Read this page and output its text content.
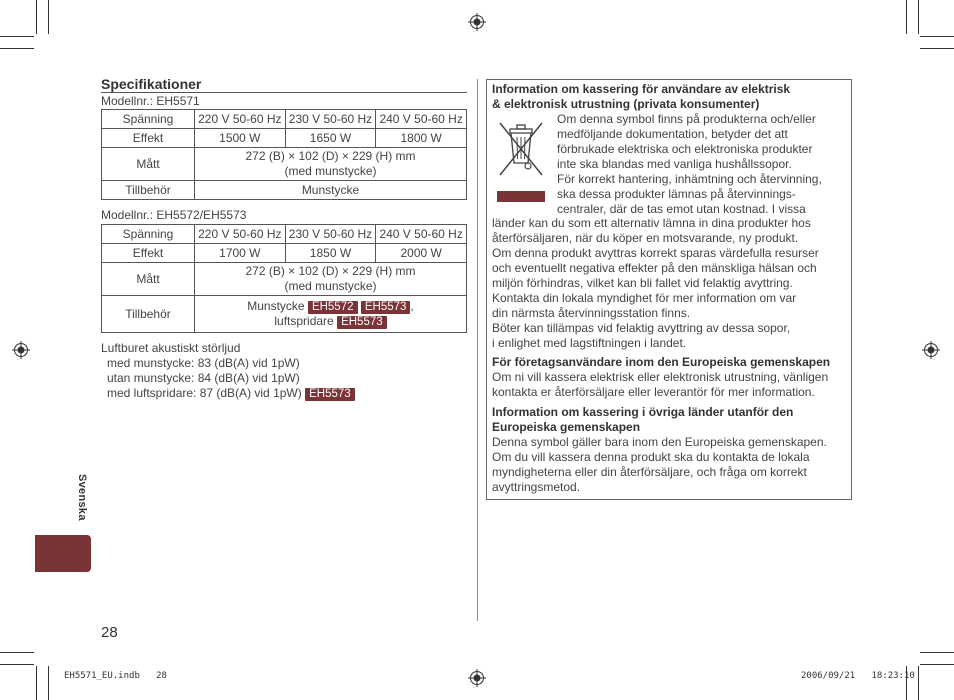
Specifikationer
Modellnr.: EH5571
Spänning	220 V 50-60 Hz	230 V 50-60 Hz	240 V 50-60 Hz
Effekt	1500 W	1650 W	1800 W
Mått	272 (B) × 102 (D) × 229 (H) mm
(med munstycke)		

Tillbehör	Munstycke		
Modellnr.: EH5572/EH5573
Spänning	220 V 50-60 Hz	230 V 50-60 Hz	240 V 50-60 Hz
Effekt	1700 W	1850 W	2000 W
Mått	272 (B) × 102 (D) × 229 (H) mm
(med munstycke)		

Tillbehör	Munstycke EH5572 EH5573 ,
luftspridare EH5573		
Luftburet akustiskt störljud
med munstycke: 83 (dB(A) vid 1pW)
utan munstycke: 84 (dB(A) vid 1pW)
med luftspridare: 87 (dB(A) vid 1pW) EH5573
Svenska
28
Information om kassering för användare av elektrisk
& elektronisk utrustning (privata konsumenter)
Om denna symbol finns på produkterna och/eller
medföljande dokumentation, betyder det att
förbrukade elektriska och elektroniska produkter
inte ska blandas med vanliga hushållssopor.
För korrekt hantering, inhämtning och återvinning,
ska dessa produkter lämnas på återvinnings-
centraler, där de tas emot utan kostnad. I vissa
länder kan du som ett alternativ lämna in dina produkter hos
återförsäljaren, när du köper en motsvarande, ny produkt.
Om denna produkt avyttras korrekt sparas värdefulla resurser
och eventuellt negativa effekter på den mänskliga hälsan och
miljön förhindras, vilket kan bli fallet vid felaktig avyttring.
Kontakta din lokala myndighet för mer information om var
din närmsta återvinningsstation finns.
Böter kan tillämpas vid felaktig avyttring av dessa sopor,
i enlighet med lagstiftningen i landet.
För företagsanvändare inom den Europeiska gemenskapen
Om ni vill kassera elektrisk eller elektronisk utrustning, vänligen
kontakta er återförsäljare eller leverantör för mer information.
Information om kassering i övriga länder utanför den
Europeiska gemenskapen
Denna symbol gäller bara inom den Europeiska gemenskapen.
Om du vill kassera denna produkt ska du kontakta de lokala
myndigheterna eller din återförsäljare, och fråga om korrekt
avyttringsmetod.
EH5571_EU.indb   28	2006/09/21   18:23:10
